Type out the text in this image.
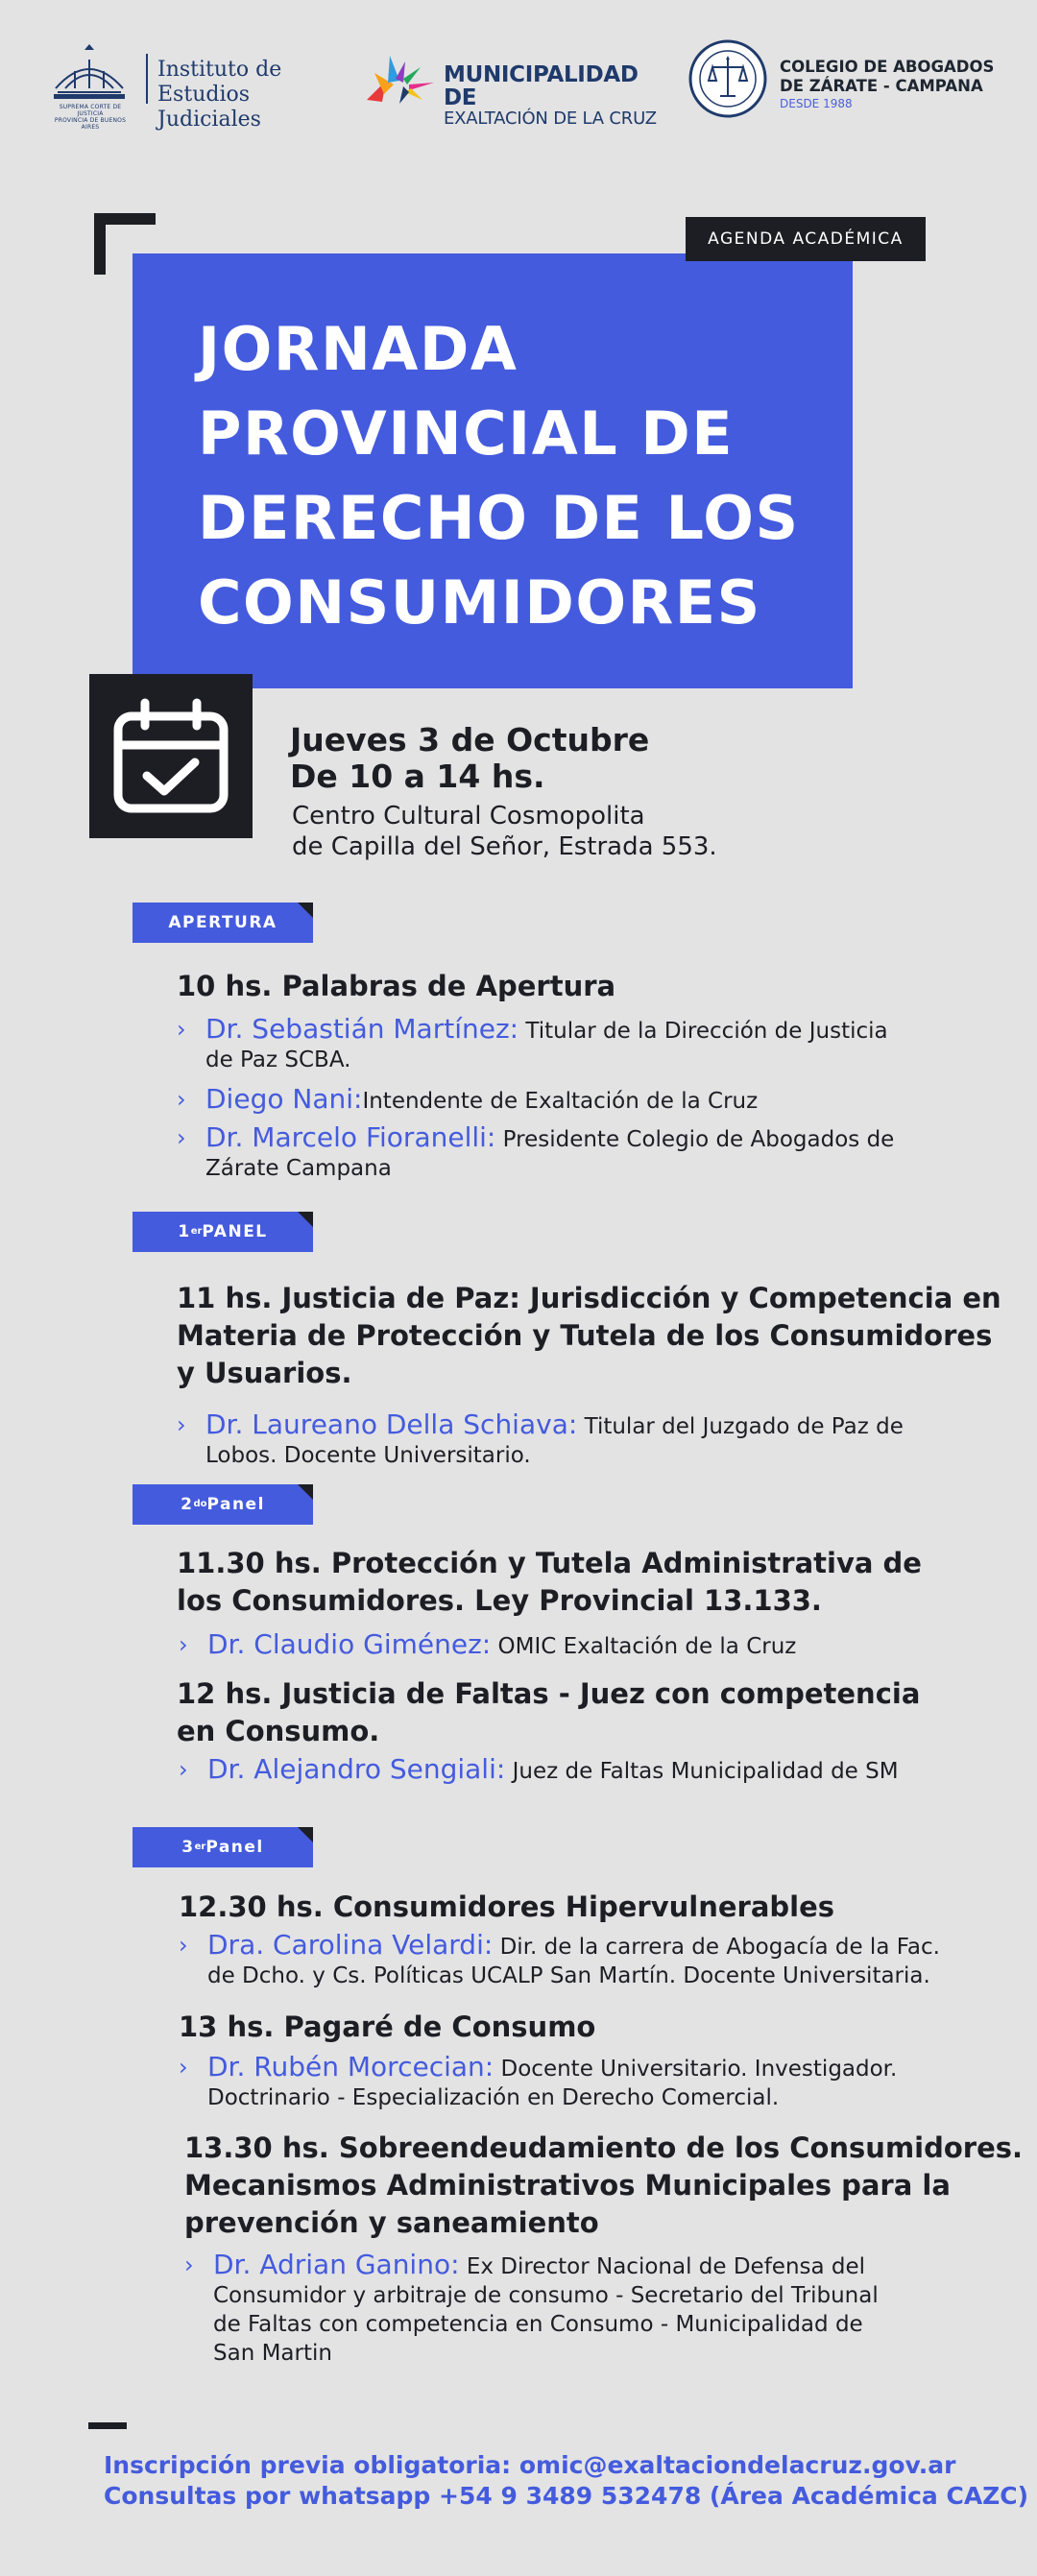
SUPREMA CORTE DE JUSTICIA
PROVINCIA DE BUENOS AIRES
Instituto de
Estudios Judiciales
MUNICIPALIDAD DE
EXALTACIÓN DE LA CRUZ
COLEGIO DE ABOGADOS
DE ZÁRATE - CAMPANA
DESDE 1988
JORNADA
PROVINCIAL DE
DERECHO DE LOS
CONSUMIDORES
AGENDA ACADÉMICA
Jueves 3 de Octubre
De 10 a 14 hs.
Centro Cultural Cosmopolita
de Capilla del Señor, Estrada 553.
APERTURA

10 hs. Palabras de Apertura

› Dr. Sebastián Martínez: Titular de la Dirección de Justicia
de Paz SCBA.
› Diego Nani:Intendente de Exaltación de la Cruz
› Dr. Marcelo Fioranelli: Presidente Colegio de Abogados de
Zárate Campana
1 er PANEL
11 hs. Justicia de Paz: Jurisdicción y Competencia en
Materia de Protección y Tutela de los Consumidores
y Usuarios.
› Dr. Laureano Della Schiava: Titular del Juzgado de Paz de
Lobos. Docente Universitario.
2 do Panel
11.30 hs. Protección y Tutela Administrativa de
los Consumidores. Ley Provincial 13.133.
› Dr. Claudio Giménez: OMIC Exaltación de la Cruz
12 hs. Justicia de Faltas - Juez con competencia
en Consumo.
› Dr. Alejandro Sengiali: Juez de Faltas Municipalidad de SM
3 er Panel

12.30 hs. Consumidores Hipervulnerables

› Dra. Carolina Velardi: Dir. de la carrera de Abogacía de la Fac.
de Dcho. y Cs. Políticas UCALP San Martín. Docente Universitaria.

13 hs. Pagaré de Consumo

› Dr. Rubén Morcecian: Docente Universitario. Investigador.
Doctrinario - Especialización en Derecho Comercial.
13.30 hs. Sobreendeudamiento de los Consumidores.
Mecanismos Administrativos Municipales para la
prevención y saneamiento
› Dr. Adrian Ganino: Ex Director Nacional de Defensa del
Consumidor y arbitraje de consumo - Secretario del Tribunal
de Faltas con competencia en Consumo - Municipalidad de
San Martin
Inscripción previa obligatoria: omic@exaltaciondelacruz.gov.ar
Consultas por whatsapp +54 9 3489 532478 (Área Académica CAZC)
